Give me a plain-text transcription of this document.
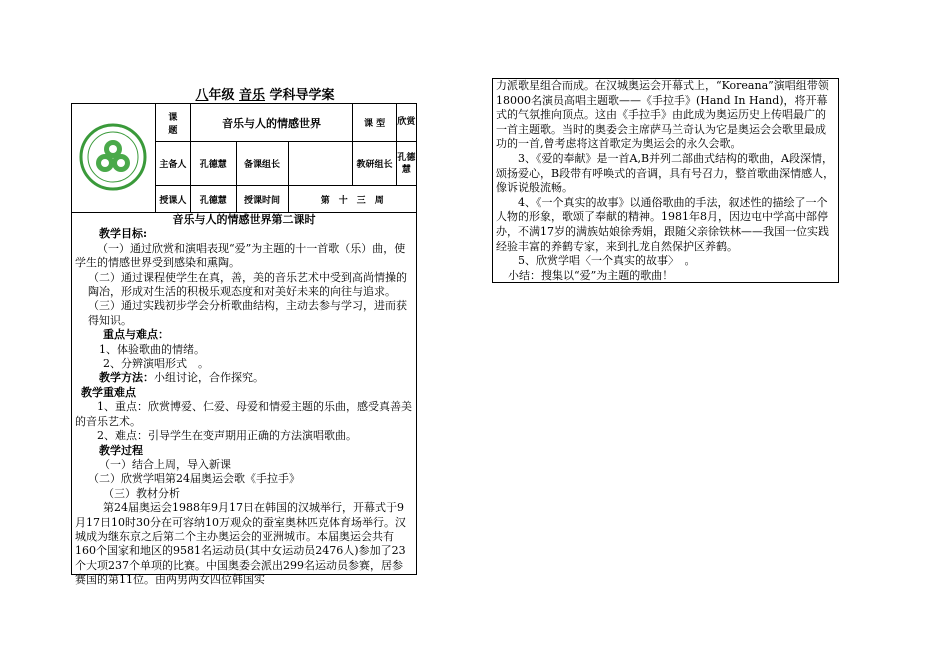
八年级 音乐 学科导学案
	课　　题	音乐与人的情感世界			课 型	欣赏
	主备人	孔德慧	备课组长		教研组长	孔德慧
	授课人	孔德慧	授课时间	第　十　三　周		

音乐与人的情感世界第二课时

教学目标:

（一）通过欣赏和演唱表现“爱”为主题的十一首歌（乐）曲，使学生的情感世界受到感染和熏陶。

（二）通过课程使学生在真，善，美的音乐艺术中受到高尚情操的陶冶，形成对生活的积极乐观态度和对美好未来的向往与追求。

（三）通过实践初步学会分析歌曲结构，主动去参与学习，进而获得知识。

重点与难点：

1、体验歌曲的情绪。

2、分辨演唱形式　。

教学方法：小组讨论，合作探究。

教学重难点

1、重点：欣赏博爱、仁爱、母爱和情爱主题的乐曲，感受真善美的音乐艺术。

2、难点：引导学生在变声期用正确的方法演唱歌曲。

教学过程

（一）结合上周，导入新课

（二）欣赏学唱第24届奥运会歌《手拉手》

（三）教材分析

第24届奥运会1988年9月17日在韩国的汉城举行，开幕式于9月17日10时30分在可容纳10万观众的蚕室奥林匹克体育场举行。汉城成为继东京之后第二个主办奥运会的亚洲城市。本届奥运会共有160个国家和地区的9581名运动员(其中女运动员2476人)参加了23个大项237个单项的比赛。中国奥委会派出299名运动员参赛，居参赛国的第11位。由两男两女四位韩国实

力派歌星组合而成。在汉城奥运会开幕式上，“Koreana”演唱组带领18000名演员高唱主题歌——《手拉手》(Hand In Hand)，将开幕式的气氛推向顶点。这由《手拉手》由此成为奥运历史上传唱最广的一首主题歌。当时的奥委会主席萨马兰奇认为它是奥运会会歌里最成功的一首,曾考虑将这首歌定为奥运会的永久会歌。

3、《爱的奉献》是一首A,B并列二部曲式结构的歌曲，A段深情，颂扬爱心，B段带有呼唤式的音调，具有号召力，整首歌曲深情感人，像诉说般流畅。

4、《一个真实的故事》以通俗歌曲的手法，叙述性的描绘了一个人物的形象，歌颂了奉献的精神。1981年8月，因边屯中学高中部停办，不满17岁的满族姑娘徐秀娟，跟随父亲徐铁林——我国一位实践经验丰富的养鹤专家，来到扎龙自然保护区养鹤。

5、欣赏学唱〈一个真实的故事〉　。

小结：搜集以“爱”为主题的歌曲！
